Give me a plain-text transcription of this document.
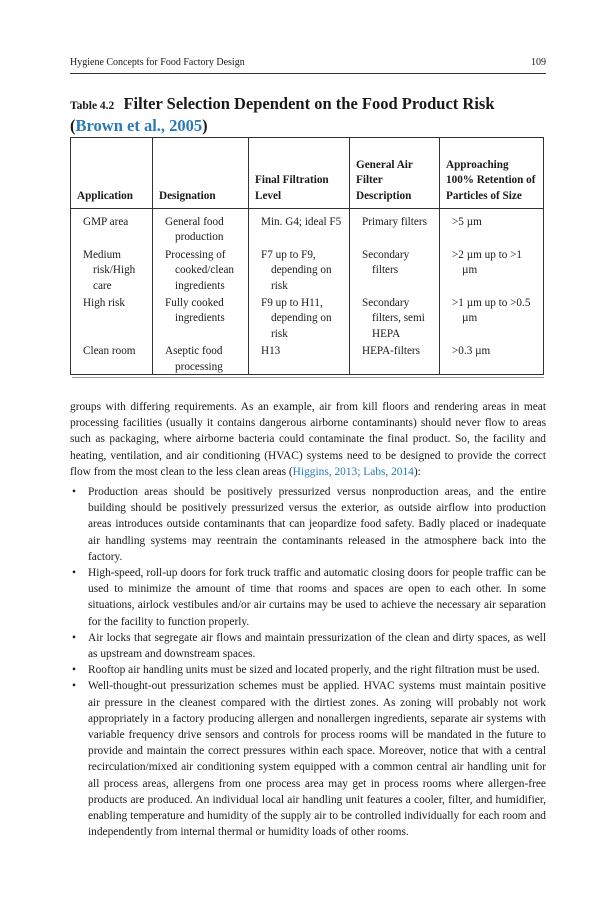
Hygiene Concepts for Food Factory Design	109
Table 4.2 Filter Selection Dependent on the Food Product Risk
(Brown et al., 2005)
Application	Designation	Final Filtration Level	General Air Filter Description	Approaching 100% Retention of Particles of Size

GMP area	General food production	Min. G4; ideal F5	Primary filters	>5 µm

Medium risk/High care	Processing of cooked/clean ingredients	F7 up to F9, depending on risk	Secondary filters	>2 µm up to >1 µm

High risk	Fully cooked ingredients	F9 up to H11, depending on risk	Secondary filters, semi HEPA	>1 µm up to >0.5 µm

Clean room	Aseptic food processing	H13	HEPA-filters	>0.3 µm

groups with differing requirements. As an example, air from kill floors and rendering areas in meat processing facilities (usually it contains dangerous airborne contaminants) should never flow to areas such as packaging, where airborne bacteria could contaminate the final product. So, the facility and heating, ventilation, and air conditioning (HVAC) systems need to be designed to provide the correct flow from the most clean to the less clean areas (Higgins, 2013; Labs, 2014):

• Production areas should be positively pressurized versus nonproduction areas, and the entire building should be positively pressurized versus the exterior, as outside airflow into production areas introduces outside contaminants that can jeopardize food safety. Badly placed or inadequate air handling systems may reentrain the contaminants released in the atmosphere back into the factory.
• High-speed, roll-up doors for fork truck traffic and automatic closing doors for people traffic can be used to minimize the amount of time that rooms and spaces are open to each other. In some situations, airlock vestibules and/or air curtains may be used to achieve the necessary air separation for the facility to function properly.
• Air locks that segregate air flows and maintain pressurization of the clean and dirty spaces, as well as upstream and downstream spaces.
• Rooftop air handling units must be sized and located properly, and the right filtration must be used.
• Well-thought-out pressurization schemes must be applied. HVAC systems must maintain positive air pressure in the cleanest compared with the dirtiest zones. As zoning will probably not work appropriately in a factory producing allergen and nonallergen ingredients, separate air systems with variable frequency drive sensors and controls for process rooms will be mandated in the future to provide and maintain the correct pressures within each space. Moreover, notice that with a central recirculation/mixed air conditioning system equipped with a common central air handling unit for all process areas, allergens from one process area may get in process rooms where allergen-free products are produced. An individual local air handling unit features a cooler, filter, and humidifier, enabling temperature and humidity of the supply air to be controlled individually for each room and independently from internal thermal or humidity loads of other rooms.
